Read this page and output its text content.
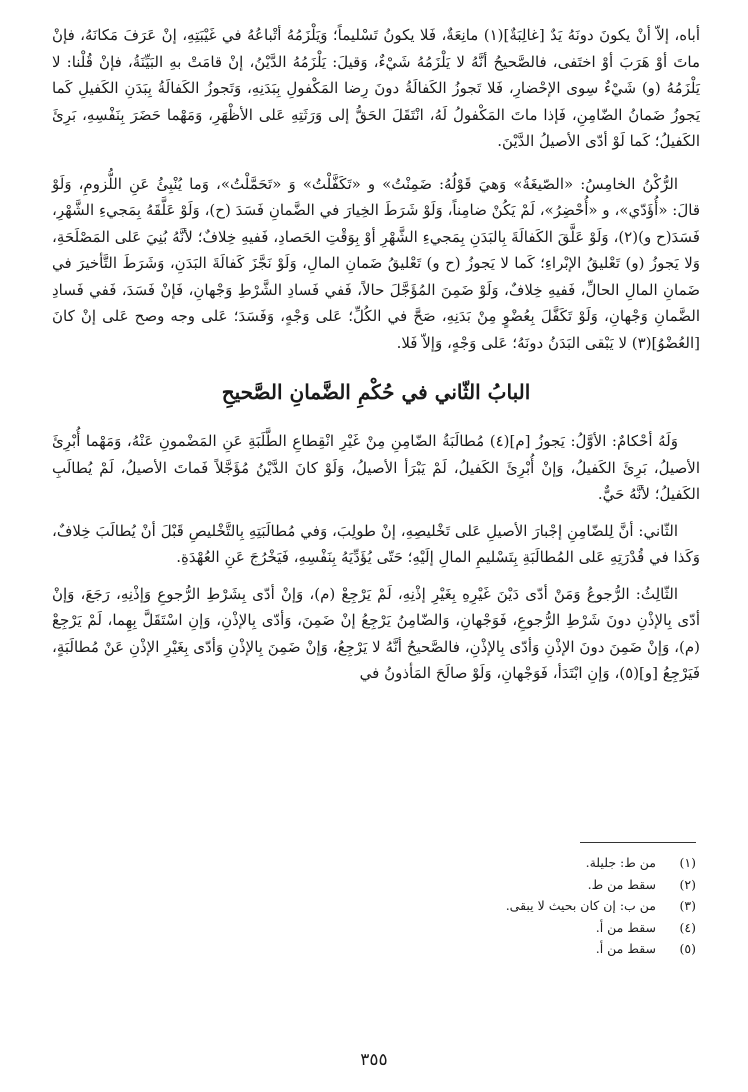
أباه، إلاّ أنْ يكونَ دونَهُ يَدٌ [غالِبَةٌ](١) مانِعَةٌ، فَلا يكونُ تَسْليماً؛ وَيَلْزَمُهُ أتْباعُهُ في غَيْبَتِهِ، إنْ عَرَفَ مَكانَهُ، فإنْ ماتَ أوْ هَرَبَ أوْ اختَفى، فالصَّحيحُ أنَّهُ لا يَلْزَمُهُ شَيْءٌ، وَقيلَ: يَلْزَمُهُ الدَّيْنُ، إنْ قامَتْ بهِ البَيِّنَةُ، فإنْ قُلْنا: لا يَلْزَمُهُ (و) شَيْءٌ سِوى الإحْضارِ، فَلا تَجوزُ الكَفالَةُ دونَ رِضا المَكْفولِ بِبَدَنِهِ، وَتَجوزُ الكَفالَةُ بِبَدَنِ الكَفيلِ كَما يَجوزُ ضَمانُ الضّامِنِ، فَإذا ماتَ المَكْفولُ لَهُ، انْتَقَلَ الحَقُّ إلى وَرَثَتِهِ عَلى الأظْهَرِ، وَمَهْما حَضَرَ بِنَفْسِهِ، بَرِئَ الكَفيلُ؛ كَما لَوْ أدّى الأصيلُ الدَّيْنَ.

الرُّكْنُ الخامِسُ: «الصّيغَةُ» وَهيَ قَوْلُهُ: ضَمِنْتُ» و «تَكَفَّلْتُ» وَ «تَحَمَّلْتُ»، وَما يُنْبِئُ عَنِ اللُّزومِ، وَلَوْ قالَ: «أُؤَدّي»، و «أُحْضِرُ»، لَمْ يَكُنْ ضامِناً، وَلَوْ شَرَطَ الخِيارَ في الضَّمانِ فَسَدَ (ح)، وَلَوْ عَلَّقَهُ بِمَجيءِ الشَّهْرِ، فَسَدَ(ح و)(٢)، وَلَوْ عَلَّقَ الكَفالَةَ بِالبَدَنِ بِمَجيءِ الشَّهْرِ أوْ بِوَقْتِ الحَصادِ، فَفيهِ خِلافٌ؛ لأنَّهُ بُنِيَ عَلى المَصْلَحَةِ، وَلا يَجوزُ (و) تَعْليقُ الإبْراءِ؛ كَما لا يَجوزُ (ح و) تَعْليقُ ضَمانِ المالِ، وَلَوْ نَجَّزَ كَفالَةَ البَدَنِ، وَشَرَطَ التَّأخيرَ في ضَمانِ المالِ الحالِّ، فَفيهِ خِلافٌ، وَلَوْ ضَمِنَ المُؤَجَّلَ حالاً، فَفي فَسادِ الشَّرْطِ وَجْهانِ، فَإنْ فَسَدَ، فَفي فَسادِ الضَّمانِ وَجْهانِ، وَلَوْ تَكَفَّلَ بِعُضْوٍ مِنْ بَدَنِهِ، صَحَّ في الكُلِّ؛ عَلى وَجْهٍ، وَفَسَدَ؛ عَلى وجه وصح عَلى إنْ كانَ [العُضْوُ](٣) لا يَبْقى البَدَنُ دونَهُ؛ عَلى وَجْهٍ، وَإلاّ فَلا.

البابُ الثّاني في حُكْمِ الضَّمانِ الصَّحيحِ

وَلَهُ أحْكامٌ: الأوَّلُ: يَجوزُ [م](٤) مُطالَبَةُ الضّامِنِ مِنْ غَيْرِ انْقِطاعِ الطَّلَبَةِ عَنِ المَضْمونِ عَنْهُ، وَمَهْما أُبْرِئَ الأصيلُ، بَرِئَ الكَفيلُ، وَإنْ أُبْرِئَ الكَفيلُ، لَمْ يَبْرَأ الأصيلُ، وَلَوْ كانَ الدَّيْنُ مُؤَجَّلاً فَماتَ الأصيلُ، لَمْ يُطالَبِ الكَفيلُ؛ لأنَّهُ حَيٌّ.

الثّاني: أنَّ لِلضّامِنِ إجْبارَ الأصيلِ عَلى تَخْليصِهِ، إنْ طولِبَ، وَفي مُطالَبَتِهِ بِالتَّخْليصِ قَبْلَ أنْ يُطالَبَ خِلافٌ، وَكَذا في قُدْرَتِهِ عَلى المُطالَبَةِ بِتَسْليمِ المالِ إلَيْهِ؛ حَتّى يُؤَدِّيَهُ بِنَفْسِهِ، فَيَخْرُجَ عَنِ العُهْدَةِ.

الثّالِثُ: الرُّجوعُ وَمَنْ أدّى دَيْنَ غَيْرِهِ بِغَيْرِ إذْنِهِ، لَمْ يَرْجِعْ (م)، وَإنْ أدّى بِشَرْطِ الرُّجوعِ وَإذْنِهِ، رَجَعَ، وَإنْ أدّى بِالإذْنِ دونَ شَرْطِ الرُّجوعِ، فَوَجْهانِ، وَالضّامِنُ يَرْجِعُ إنْ ضَمِنَ، وَأدّى بِالإذْنِ، وَإنِ اسْتَقَلَّ بِهِما، لَمْ يَرْجِعْ (م)، وَإنْ ضَمِنَ دونَ الإذْنِ وَأدّى بِالإذْنِ، فالصَّحيحُ أنَّهُ لا يَرْجِعُ، وَإنْ ضَمِنَ بِالإذْنِ وَأدّى بِغَيْرِ الإذْنِ عَنْ مُطالَبَةٍ، فَيَرْجِعُ [و](٥)، وَإنِ ابْتَدَأ، فَوَجْهانِ، وَلَوْ صالَحَ المَأذونُ في

(١)
من ط: جليلة.
(٢)
سقط من ط.
(٣)
من ب: إن كان بحيث لا يبقى.
(٤)
سقط من أ.
(٥)
سقط من أ.
٣٥٥
